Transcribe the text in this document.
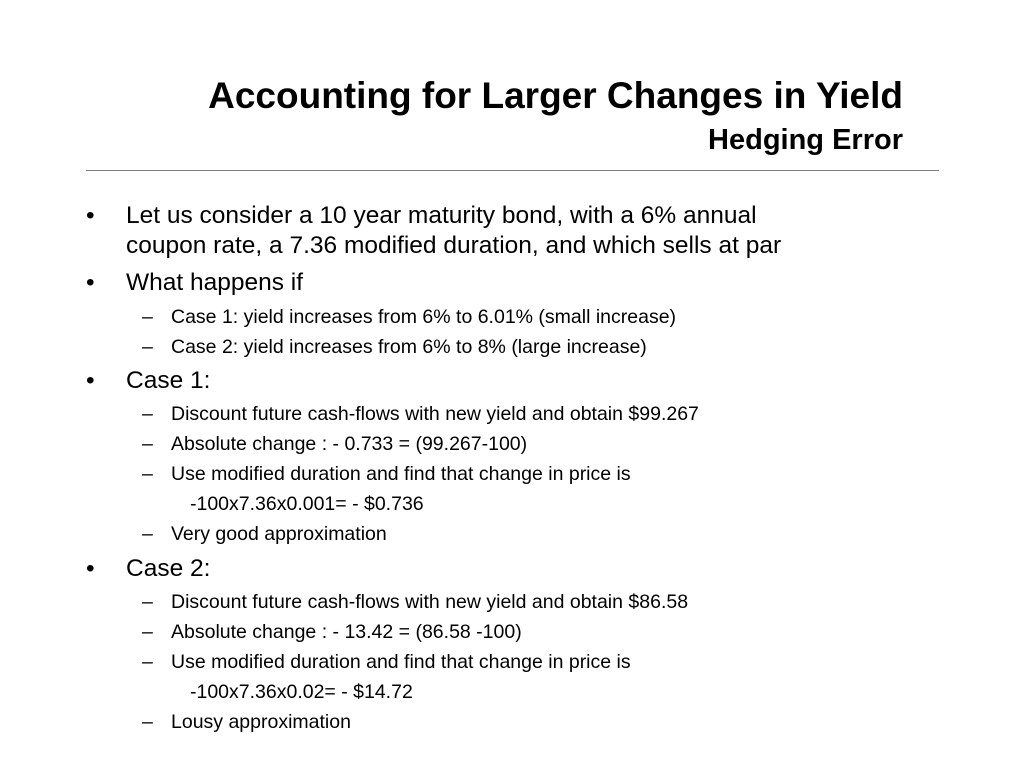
Accounting for Larger Changes in Yield
Hedging Error
• Let us consider a 10 year maturity bond, with a 6% annual
coupon rate, a 7.36 modified duration, and which sells at par
• What happens if
– Case 1: yield increases from 6% to 6.01% (small increase)
– Case 2: yield increases from 6% to 8% (large increase)
• Case 1:
– Discount future cash-flows with new yield and obtain $99.267
– Absolute change : - 0.733 = (99.267-100)
– Use modified duration and find that change in price is
-100x7.36x0.001= - $0.736
– Very good approximation
• Case 2:
– Discount future cash-flows with new yield and obtain $86.58
– Absolute change : - 13.42 = (86.58 -100)
– Use modified duration and find that change in price is
-100x7.36x0.02= - $14.72
– Lousy approximation
